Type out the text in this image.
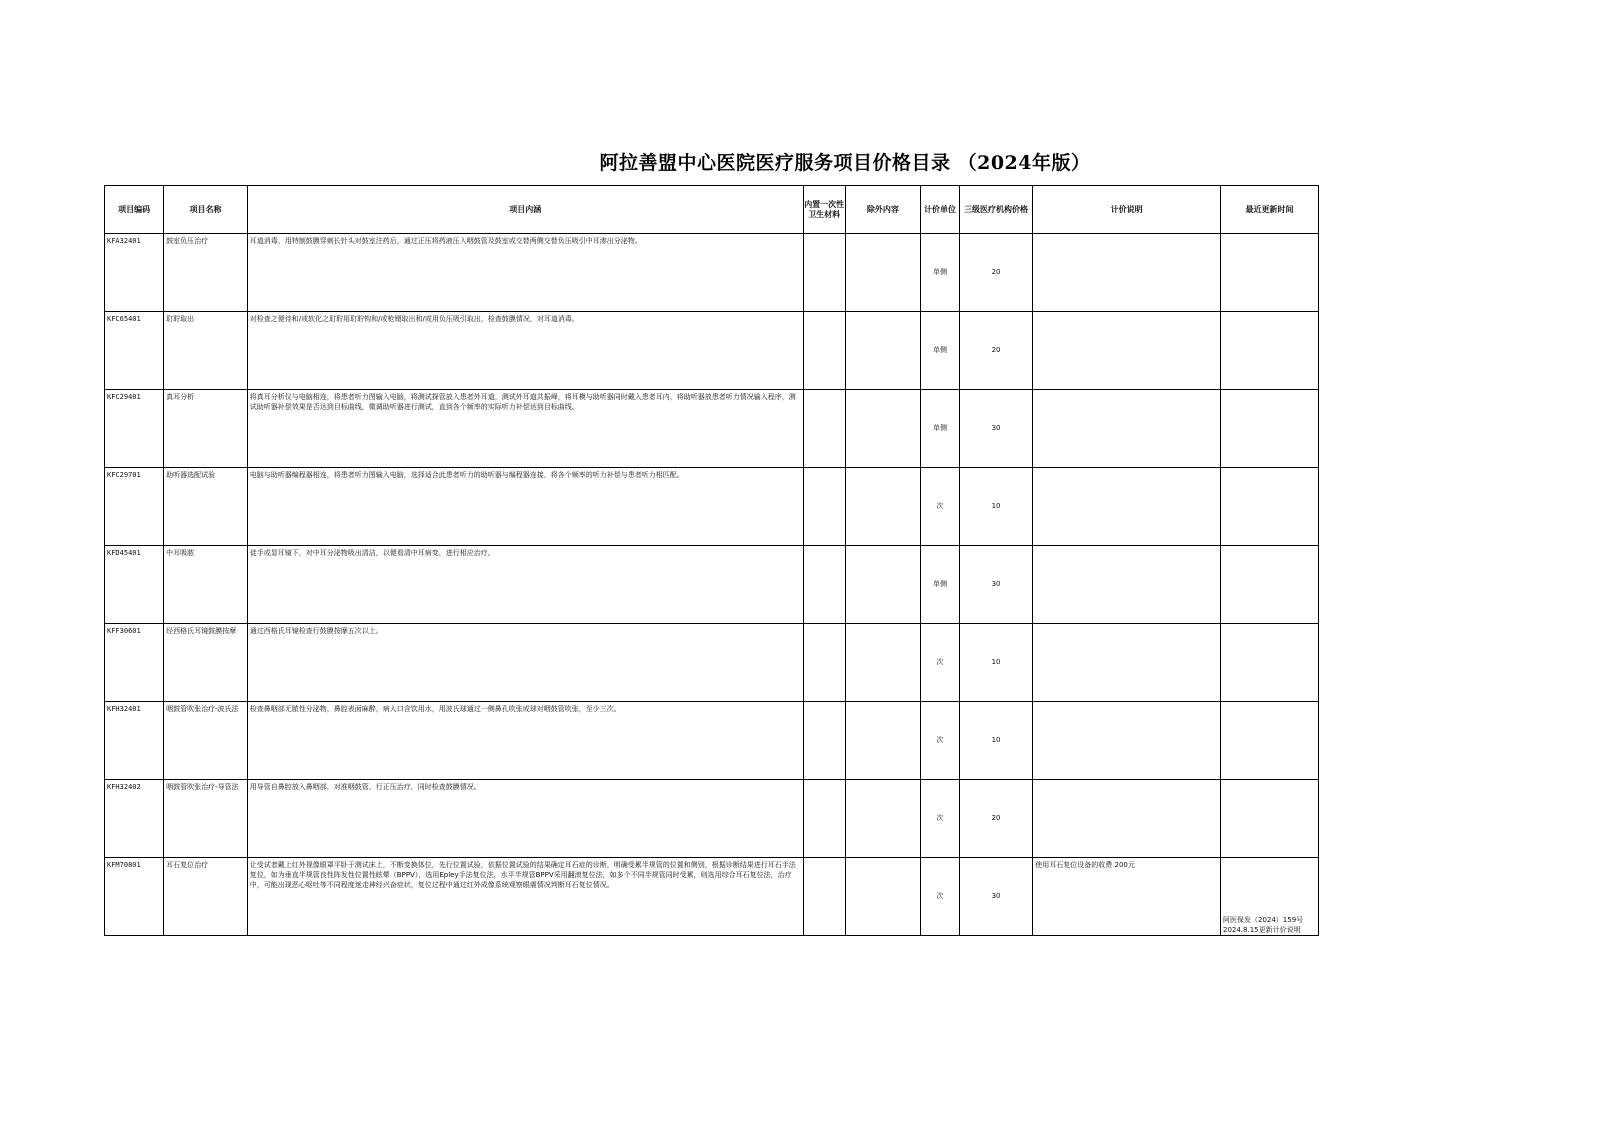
阿拉善盟中心医院医疗服务项目价格目录 （2024年版）
项目编码	项目名称	项目内涵	内置一次性卫生材料	除外内容	计价单位	三级医疗机构价格	计价说明	最近更新时间
KFA32401	鼓室负压治疗	耳道消毒，用特制鼓膜穿刺长针头对鼓室注药后，通过正压将药液压入咽鼓管及鼓室或交替两侧交替负压吸引中耳渗出分泌物。			单侧	20		
KFC65401	耵聍取出	对检查之便待和/或软化之耵聍用耵聍钩和/或枪镊取出和/或用负压吸引取出，检查鼓膜情况，对耳道消毒。			单侧	20		
KFC29401	真耳分析	将真耳分析仪与电脑相连，将患者听力图输入电脑，将测试探管放入患者外耳道，测试外耳道共振峰，将耳模与助听器同时戴入患者耳内，将助听器放患者听力情况输入程序，测试助听器补偿效果是否达到目标曲线，微调助听器进行测试，直到各个频率的实际听力补偿达到目标曲线。			单侧	30		
KFC29701	助听器选配试验	电脑与助听器编程器相连，将患者听力图输入电脑，选择适合此患者听力的助听器与编程器连接，将各个频率的听力补偿与患者听力相匹配。			次	10		
KFD45401	中耳吸脓	徒手或显耳镜下，对中耳分泌物吸出清洁，以便看清中耳病变，进行相应治疗。			单侧	30		
KFF30601	经西格氏耳镜鼓膜按摩	通过西格氏耳镜检查行鼓膜按摩五次以上。			次	10		
KFH32401	咽鼓管吹张治疗-波氏法	检查鼻咽部无脓性分泌物，鼻腔表面麻醉，病人口含饮用水，用波氏球通过一侧鼻孔吹张或球对咽鼓管吹张，至少三次。			次	10		
KFH32402	咽鼓管吹张治疗-导管法	用导管自鼻腔放入鼻咽部，对准咽鼓管，行正压治疗，同时检查鼓膜情况。			次	20		
KFM70801	耳石复位治疗	让受试者戴上红外视像眼罩平卧于测试床上，不断变换体位，先行位置试验，依据位置试验的结果确定耳石症的诊断，明确受累半规管的位置和侧别，根据诊断结果进行耳石手法复位，如为垂直半规管良性阵发性位置性眩晕（BPPV），选用Epley手法复位法，水平半规管BPPV采用翻滚复位法，如多个不同半规管同时受累，则选用综合耳石复位法，治疗中，可能出现恶心呕吐等不同程度迷走神经兴奋症状，复位过程中通过红外成像系统观察眼震情况判断耳石复位情况。			次	30	使用耳石复位设备的收费 200元	阿医保发（2024）159号 2024.8.15更新计价说明
